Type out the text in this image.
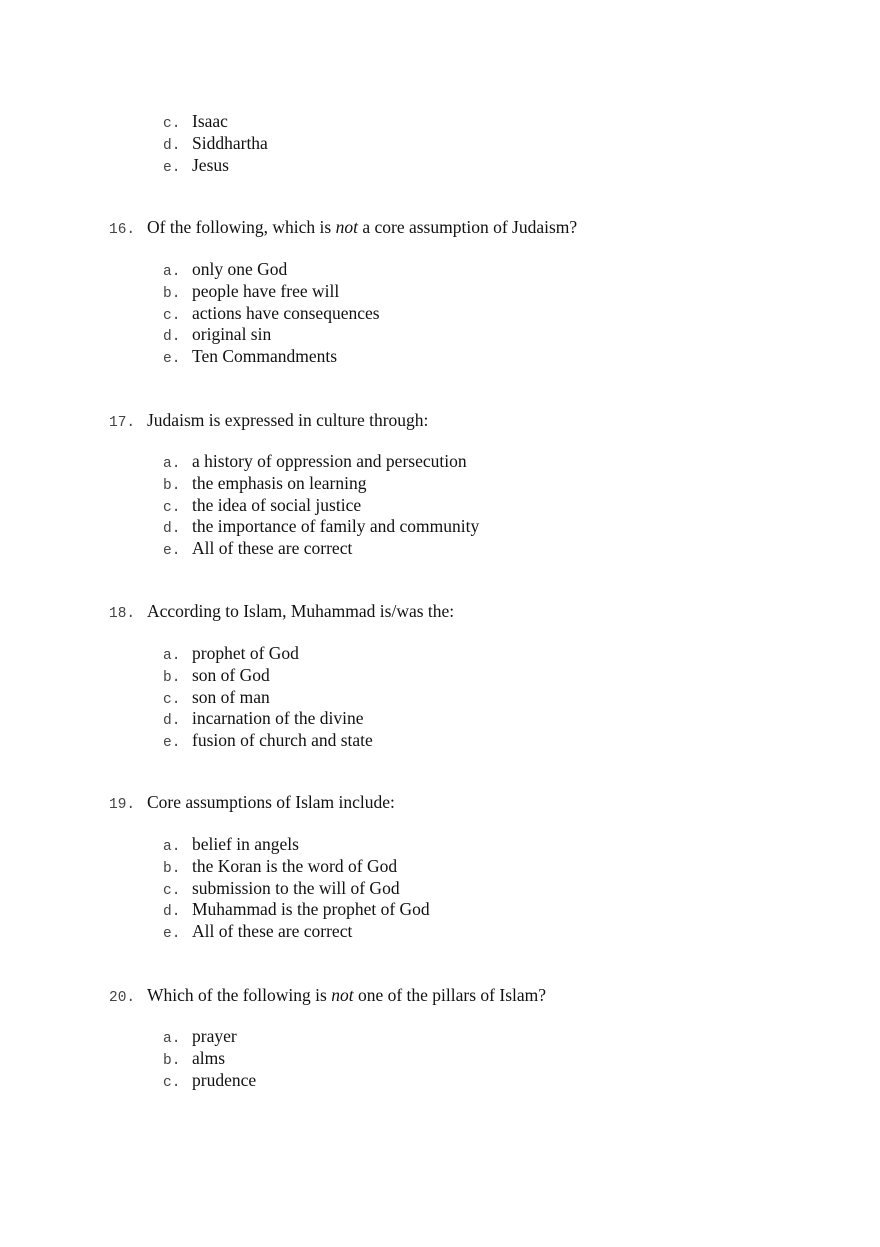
c. Isaac
d. Siddhartha
e. Jesus
16. Of the following, which is not a core assumption of Judaism?
a. only one God
b. people have free will
c. actions have consequences
d. original sin
e. Ten Commandments
17. Judaism is expressed in culture through:
a. a history of oppression and persecution
b. the emphasis on learning
c. the idea of social justice
d. the importance of family and community
e. All of these are correct
18. According to Islam, Muhammad is/was the:
a. prophet of God
b. son of God
c. son of man
d. incarnation of the divine
e. fusion of church and state
19. Core assumptions of Islam include:
a. belief in angels
b. the Koran is the word of God
c. submission to the will of God
d. Muhammad is the prophet of God
e. All of these are correct
20. Which of the following is not one of the pillars of Islam?
a. prayer
b. alms
c. prudence
